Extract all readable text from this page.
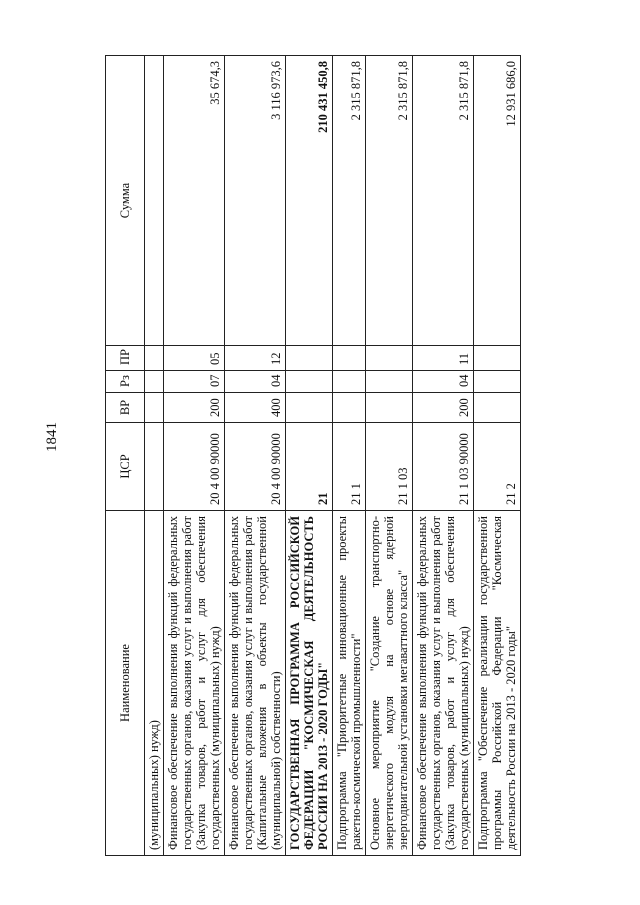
1841
Наименование	ЦСР	ВР	Рз	ПР	Сумма
(муниципальных) нужд)					
Финансовое обеспечение выполнения функций федеральных государственных органов, оказания услуг и выполнения работ (Закупка товаров, работ и услуг для обеспечения государственных (муниципальных) нужд)	20 4 00 90000	200	07	05	35 674,3
Финансовое обеспечение выполнения функций федеральных государственных органов, оказания услуг и выполнения работ (Капитальные вложения в объекты государственной (муниципальной) собственности)	20 4 00 90000	400	04	12	3 116 973,6
ГОСУДАРСТВЕННАЯ ПРОГРАММА РОССИЙСКОЙ ФЕДЕРАЦИИ "КОСМИЧЕСКАЯ ДЕЯТЕЛЬНОСТЬ РОССИИ НА 2013 - 2020 ГОДЫ"	21				210 431 450,8
Подпрограмма "Приоритетные инновационные проекты ракетно-космической промышленности"	21 1				2 315 871,8
Основное мероприятие "Создание транспортно-энергетического модуля на основе ядерной энергодвигательной установки мегаваттного класса"	21 1 03				2 315 871,8
Финансовое обеспечение выполнения функций федеральных государственных органов, оказания услуг и выполнения работ (Закупка товаров, работ и услуг для обеспечения государственных (муниципальных) нужд)	21 1 03 90000	200	04	11	2 315 871,8
Подпрограмма "Обеспечение реализации государственной программы Российской Федерации "Космическая деятельность России на 2013 - 2020 годы"	21 2				12 931 686,0
